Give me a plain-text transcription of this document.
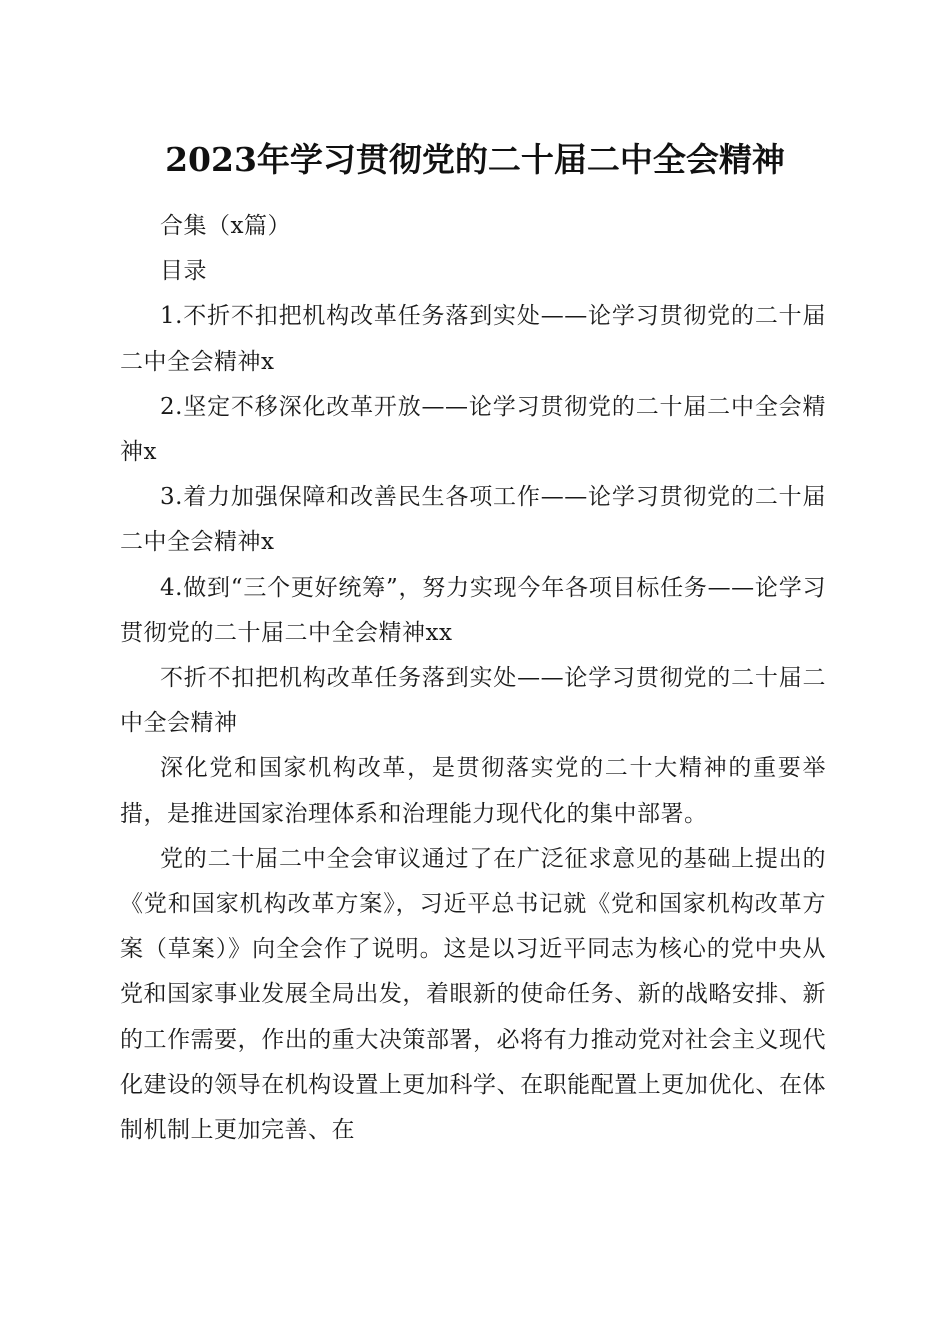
2023年学习贯彻党的二十届二中全会精神

合集（x篇）

目录

1.不折不扣把机构改革任务落到实处——论学习贯彻党的二十届二中全会精神x

2.坚定不移深化改革开放——论学习贯彻党的二十届二中全会精神x

3.着力加强保障和改善民生各项工作——论学习贯彻党的二十届二中全会精神x

4.做到“三个更好统筹”，努力实现今年各项目标任务——论学习贯彻党的二十届二中全会精神xx

不折不扣把机构改革任务落到实处——论学习贯彻党的二十届二中全会精神

深化党和国家机构改革，是贯彻落实党的二十大精神的重要举措，是推进国家治理体系和治理能力现代化的集中部署。

党的二十届二中全会审议通过了在广泛征求意见的基础上提出的《党和国家机构改革方案》，习近平总书记就《党和国家机构改革方案（草案）》向全会作了说明。这是以习近平同志为核心的党中央从党和国家事业发展全局出发，着眼新的使命任务、新的战略安排、新的工作需要，作出的重大决策部署，必将有力推动党对社会主义现代化建设的领导在机构设置上更加科学、在职能配置上更加优化、在体制机制上更加完善、在
